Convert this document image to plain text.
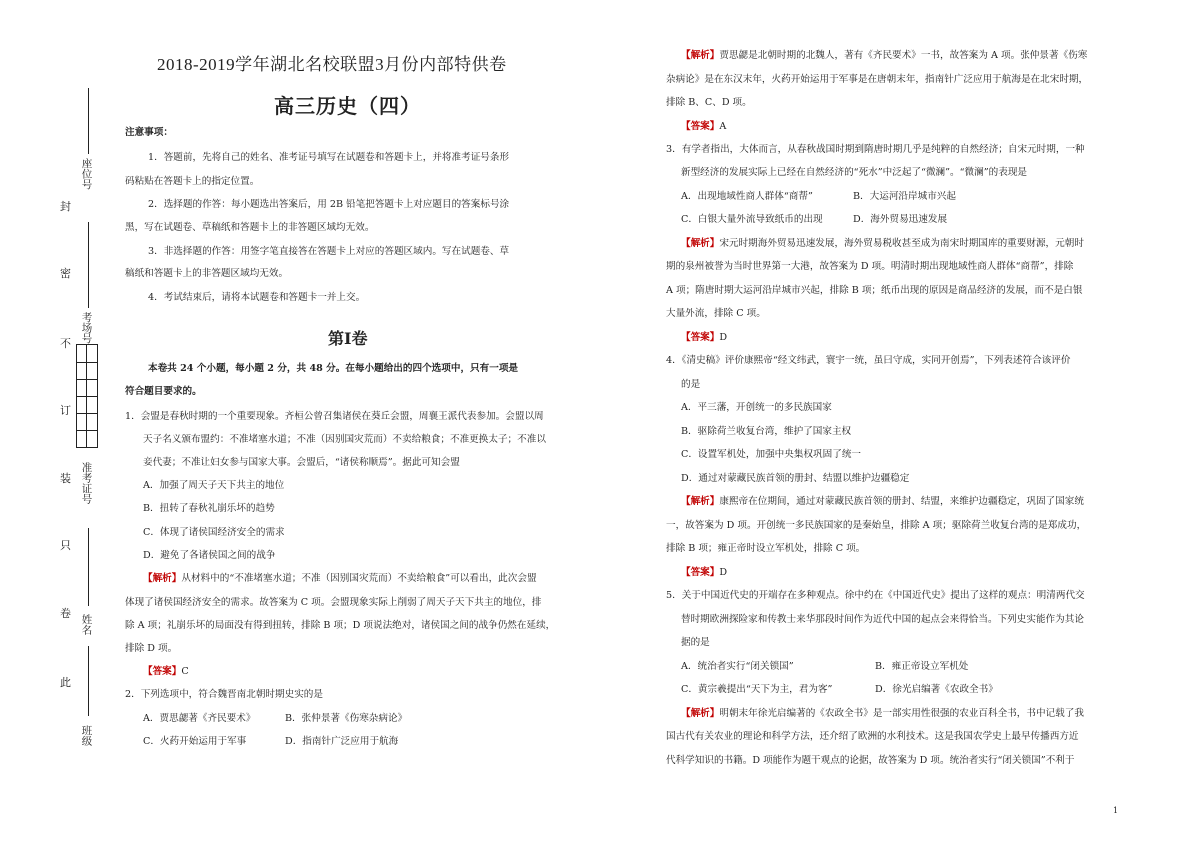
封
密
不
订
装
只
卷
此
座位号
考场号
准考证号
姓名
班级
2018-2019学年湖北名校联盟3月份内部特供卷
高三历史（四）
注意事项：
1．答题前，先将自己的姓名、准考证号填写在试题卷和答题卡上，并将准考证号条形
码粘贴在答题卡上的指定位置。
2．选择题的作答：每小题选出答案后，用 2B 铅笔把答题卡上对应题目的答案标号涂
黑，写在试题卷、草稿纸和答题卡上的非答题区域均无效。
3．非选择题的作答：用签字笔直接答在答题卡上对应的答题区域内。写在试题卷、草
稿纸和答题卡上的非答题区域均无效。
4．考试结束后，请将本试题卷和答题卡一并上交。
第Ⅰ卷
本卷共 24 个小题，每小题 2 分，共 48 分。在每小题给出的四个选项中，只有一项是
符合题目要求的。
1．会盟是春秋时期的一个重要现象。齐桓公曾召集诸侯在葵丘会盟，周襄王派代表参加。会盟以周
天子名义颁布盟约：不准堵塞水道；不准（因别国灾荒而）不卖给粮食；不准更换太子；不准以
妾代妻；不准让妇女参与国家大事。会盟后，“诸侯称顺焉”。据此可知会盟
A．加强了周天子天下共主的地位
B．扭转了春秋礼崩乐坏的趋势
C．体现了诸侯国经济安全的需求
D．避免了各诸侯国之间的战争
【解析】从材料中的“不准堵塞水道；不准（因别国灾荒而）不卖给粮食”可以看出，此次会盟
体现了诸侯国经济安全的需求。故答案为 C 项。会盟现象实际上削弱了周天子天下共主的地位，排
除 A 项；礼崩乐坏的局面没有得到扭转，排除 B 项；D 项说法绝对，诸侯国之间的战争仍然在延续，
排除 D 项。
【答案】C
2．下列选项中，符合魏晋南北朝时期史实的是
A．贾思勰著《齐民要术》	B．张仲景著《伤寒杂病论》
C．火药开始运用于军事	D．指南针广泛应用于航海
【解析】贾思勰是北朝时期的北魏人，著有《齐民要术》一书，故答案为 A 项。张仲景著《伤寒
杂病论》是在东汉末年，火药开始运用于军事是在唐朝末年，指南针广泛应用于航海是在北宋时期，
排除 B、C、D 项。
【答案】A
3．有学者指出，大体而言，从春秋战国时期到隋唐时期几乎是纯粹的自然经济；自宋元时期，一种
新型经济的发展实际上已经在自然经济的“死水”中泛起了“微澜”。“微澜”的表现是
A．出现地域性商人群体“商帮”	B．大运河沿岸城市兴起
C．白银大量外流导致纸币的出现	D．海外贸易迅速发展
【解析】宋元时期海外贸易迅速发展，海外贸易税收甚至成为南宋时期国库的重要财源，元朝时
期的泉州被誉为当时世界第一大港，故答案为 D 项。明清时期出现地域性商人群体“商帮”，排除
A 项；隋唐时期大运河沿岸城市兴起，排除 B 项；纸币出现的原因是商品经济的发展，而不是白银
大量外流，排除 C 项。
【答案】D
4．《清史稿》评价康熙帝“经文纬武，寰宇一统，虽曰守成，实同开创焉”，下列表述符合该评价
的是
A．平三藩，开创统一的多民族国家
B．驱除荷兰收复台湾，维护了国家主权
C．设置军机处，加强中央集权巩固了统一
D．通过对蒙藏民族首领的册封、结盟以维护边疆稳定
【解析】康熙帝在位期间，通过对蒙藏民族首领的册封、结盟，来维护边疆稳定，巩固了国家统
一，故答案为 D 项。开创统一多民族国家的是秦始皇，排除 A 项；驱除荷兰收复台湾的是郑成功，
排除 B 项；雍正帝时设立军机处，排除 C 项。
【答案】D
5．关于中国近代史的开端存在多种观点。徐中约在《中国近代史》提出了这样的观点：明清两代交
替时期欧洲探险家和传教士来华那段时间作为近代中国的起点会来得恰当。下列史实能作为其论
据的是
A．统治者实行“闭关锁国”	B．雍正帝设立军机处
C．黄宗羲提出“天下为主，君为客”	D．徐光启编著《农政全书》
【解析】明朝末年徐光启编著的《农政全书》是一部实用性很强的农业百科全书，书中记载了我
国古代有关农业的理论和科学方法，还介绍了欧洲的水利技术。这是我国农学史上最早传播西方近
代科学知识的书籍。D 项能作为题干观点的论据，故答案为 D 项。统治者实行“闭关锁国”不利于
1
